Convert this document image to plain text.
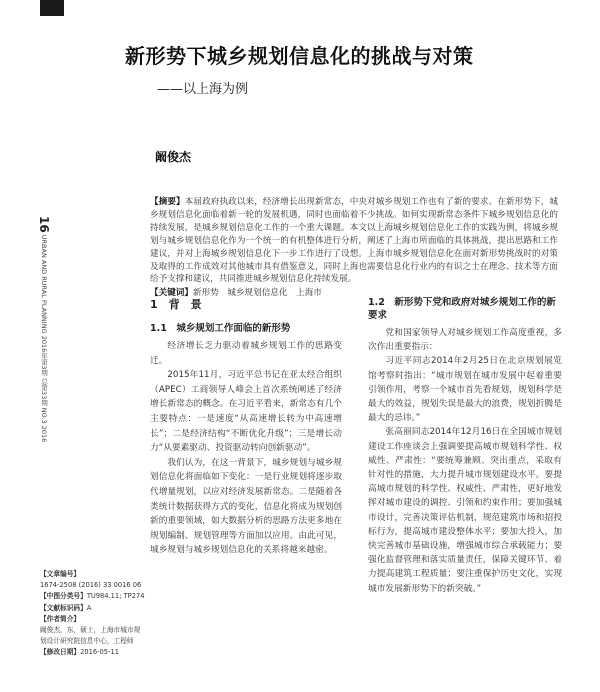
新形势下城乡规划信息化的挑战与对策
——以上海为例
阚俊杰
16 URBAN AND RURAL PLANNING 2016年第3期 总第33期 NO.3 2016
【摘要】本届政府执政以来，经济增长出现新常态，中央对城乡规划工作也有了新的要求。在新形势下，城乡规划信息化面临着新一轮的发展机遇，同时也面临着不少挑战。如何实现新常态条件下城乡规划信息化的持续发展，是城乡规划信息化工作的一个重大课题。本文以上海城乡规划信息化工作的实践为例，将城乡规划与城乡规划信息化作为一个统一的有机整体进行分析，阐述了上海市所面临的具体挑战，提出思路和工作建议，并对上海城乡规划信息化下一步工作进行了设想。上海市城乡规划信息化在面对新形势挑战时的对策及取得的工作成效对其他城市具有借鉴意义，同时上海也需要信息化行业内的有识之士在理念、技术等方面给予支撑和建议，共同推进城乡规划信息化持续发展。
【关键词】新形势　城乡规划信息化　上海市
1　背　景
1.1　城乡规划工作面临的新形势

经济增长乏力驱动着城乡规划工作的思路变迁。

2015年11月，习近平总书记在亚太经合组织（APEC）工商领导人峰会上首次系统阐述了经济增长新常态的概念。在习近平看来，新常态有几个主要特点：一是速度“从高速增长转为中高速增长”；二是经济结构“不断优化升级”；三是增长动力“从要素驱动、投资驱动转向创新驱动”。

我们认为，在这一背景下，城乡规划与城乡规划信息化将面临如下变化：一是行业规划将逐步取代增量规划，以应对经济发展新常态。二是随着各类统计数据获得方式的变化，信息化将成为规划创新的重要领域，如大数据分析的思路方法更多地在规划编制、规划管理等方面加以应用。由此可见，城乡规划与城乡规划信息化的关系将越来越密。

1.2　新形势下党和政府对城乡规划工作的新要求

党和国家领导人对城乡规划工作高度重视，多次作出重要指示：

习近平同志2014年2月25日在北京规划展览馆考察时指出：“城市规划在城市发展中起着重要引领作用，考察一个城市首先看规划，规划科学是最大的效益，规划失误是最大的浪费，规划折腾是最大的忌讳。”

张高丽同志2014年12月16日在全国城市规划建设工作座谈会上强调要提高城市规划科学性、权威性、严肃性：“要统筹兼顾、突出重点，采取有针对性的措施，大力提升城市规划建设水平。要提高城市规划的科学性、权威性、严肃性，更好地发挥对城市建设的调控、引领和约束作用；要加强城市设计，完善决策评估机制，规范建筑市场和招投标行为，提高城市建设整体水平；要加大投入，加快完善城市基础设施，增强城市综合承载能力；要强化监督管理和落实质量责任，保障关键环节、着力提高建筑工程质量；要注重保护历史文化，实现城市发展新形势下的新突破。”

【文章编号】
1674-2508 (2016) 33 0016 06
【中图分类号】TU984.11; TP274
【文献标识码】A
【作者简介】
阚俊杰，东，硕士，上海市城市规划设计研究院信息中心，工程师
【修改日期】2016-05-11
